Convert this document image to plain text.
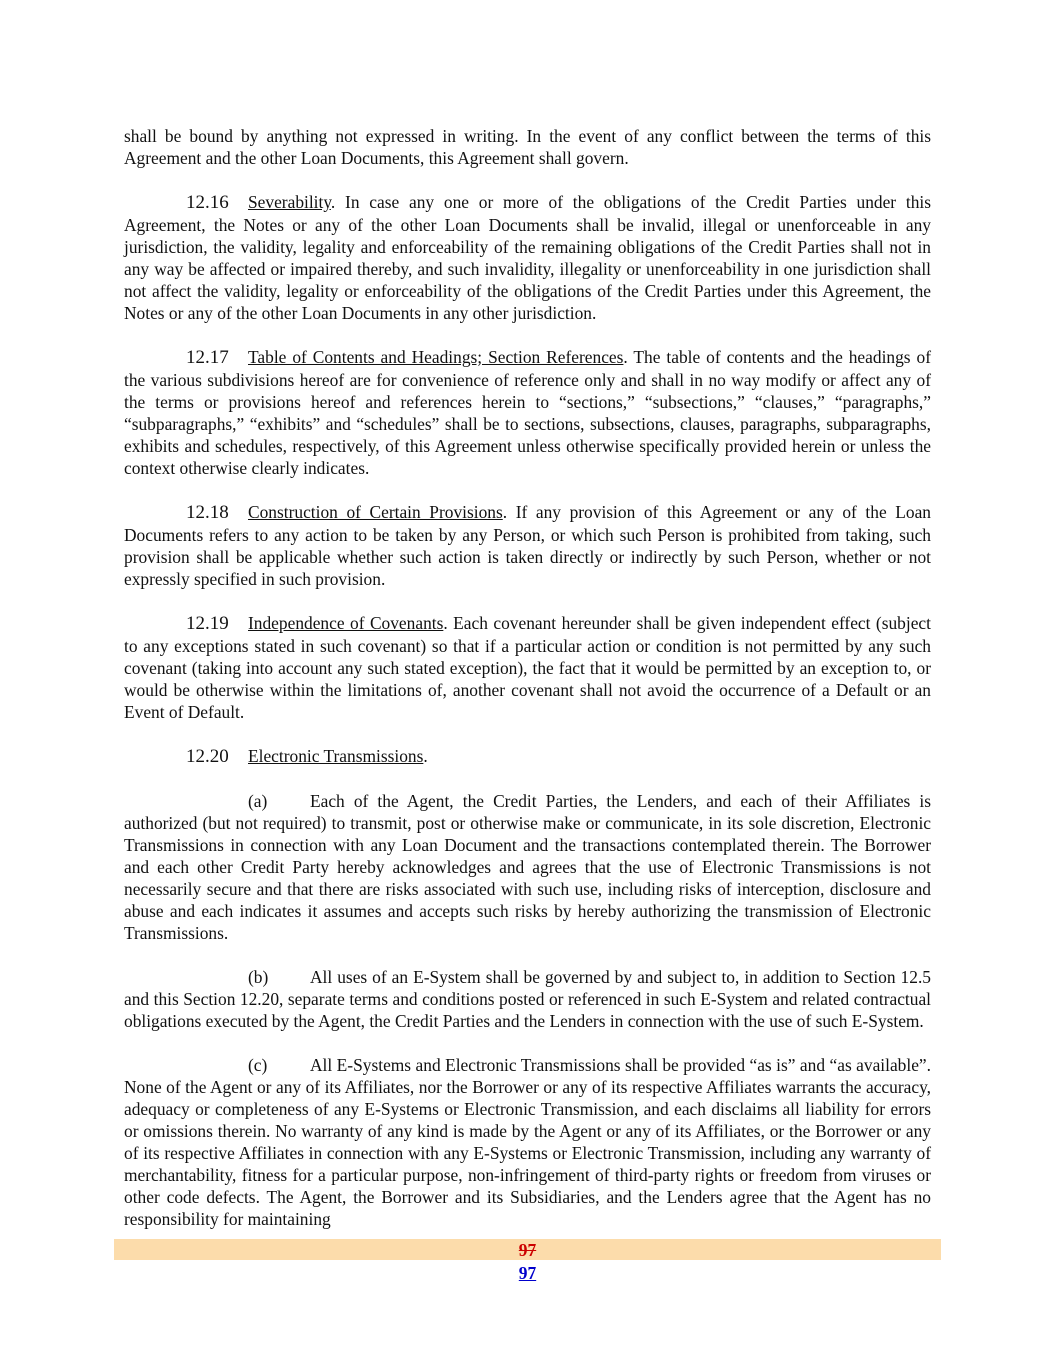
shall be bound by anything not expressed in writing. In the event of any conflict between the terms of this Agreement and the other Loan Documents, this Agreement shall govern.

12.16 Severability. In case any one or more of the obligations of the Credit Parties under this Agreement, the Notes or any of the other Loan Documents shall be invalid, illegal or unenforceable in any jurisdiction, the validity, legality and enforceability of the remaining obligations of the Credit Parties shall not in any way be affected or impaired thereby, and such invalidity, illegality or unenforceability in one jurisdiction shall not affect the validity, legality or enforceability of the obligations of the Credit Parties under this Agreement, the Notes or any of the other Loan Documents in any other jurisdiction.

12.17 Table of Contents and Headings; Section References. The table of contents and the headings of the various subdivisions hereof are for convenience of reference only and shall in no way modify or affect any of the terms or provisions hereof and references herein to “sections,” “subsections,” “clauses,” “paragraphs,” “subparagraphs,” “exhibits” and “schedules” shall be to sections, subsections, clauses, paragraphs, subparagraphs, exhibits and schedules, respectively, of this Agreement unless otherwise specifically provided herein or unless the context otherwise clearly indicates.

12.18 Construction of Certain Provisions. If any provision of this Agreement or any of the Loan Documents refers to any action to be taken by any Person, or which such Person is prohibited from taking, such provision shall be applicable whether such action is taken directly or indirectly by such Person, whether or not expressly specified in such provision.

12.19 Independence of Covenants. Each covenant hereunder shall be given independent effect (subject to any exceptions stated in such covenant) so that if a particular action or condition is not permitted by any such covenant (taking into account any such stated exception), the fact that it would be permitted by an exception to, or would be otherwise within the limitations of, another covenant shall not avoid the occurrence of a Default or an Event of Default.

12.20 Electronic Transmissions.

(a) Each of the Agent, the Credit Parties, the Lenders, and each of their Affiliates is authorized (but not required) to transmit, post or otherwise make or communicate, in its sole discretion, Electronic Transmissions in connection with any Loan Document and the transactions contemplated therein. The Borrower and each other Credit Party hereby acknowledges and agrees that the use of Electronic Transmissions is not necessarily secure and that there are risks associated with such use, including risks of interception, disclosure and abuse and each indicates it assumes and accepts such risks by hereby authorizing the transmission of Electronic Transmissions.

(b) All uses of an E-System shall be governed by and subject to, in addition to Section 12.5 and this Section 12.20, separate terms and conditions posted or referenced in such E-System and related contractual obligations executed by the Agent, the Credit Parties and the Lenders in connection with the use of such E-System.

(c) All E-Systems and Electronic Transmissions shall be provided “as is” and “as available”. None of the Agent or any of its Affiliates, nor the Borrower or any of its respective Affiliates warrants the accuracy, adequacy or completeness of any E-Systems or Electronic Transmission, and each disclaims all liability for errors or omissions therein. No warranty of any kind is made by the Agent or any of its Affiliates, or the Borrower or any of its respective Affiliates in connection with any E-Systems or Electronic Transmission, including any warranty of merchantability, fitness for a particular purpose, non-infringement of third-party rights or freedom from viruses or other code defects. The Agent, the Borrower and its Subsidiaries, and the Lenders agree that the Agent has no responsibility for maintaining

97
97
